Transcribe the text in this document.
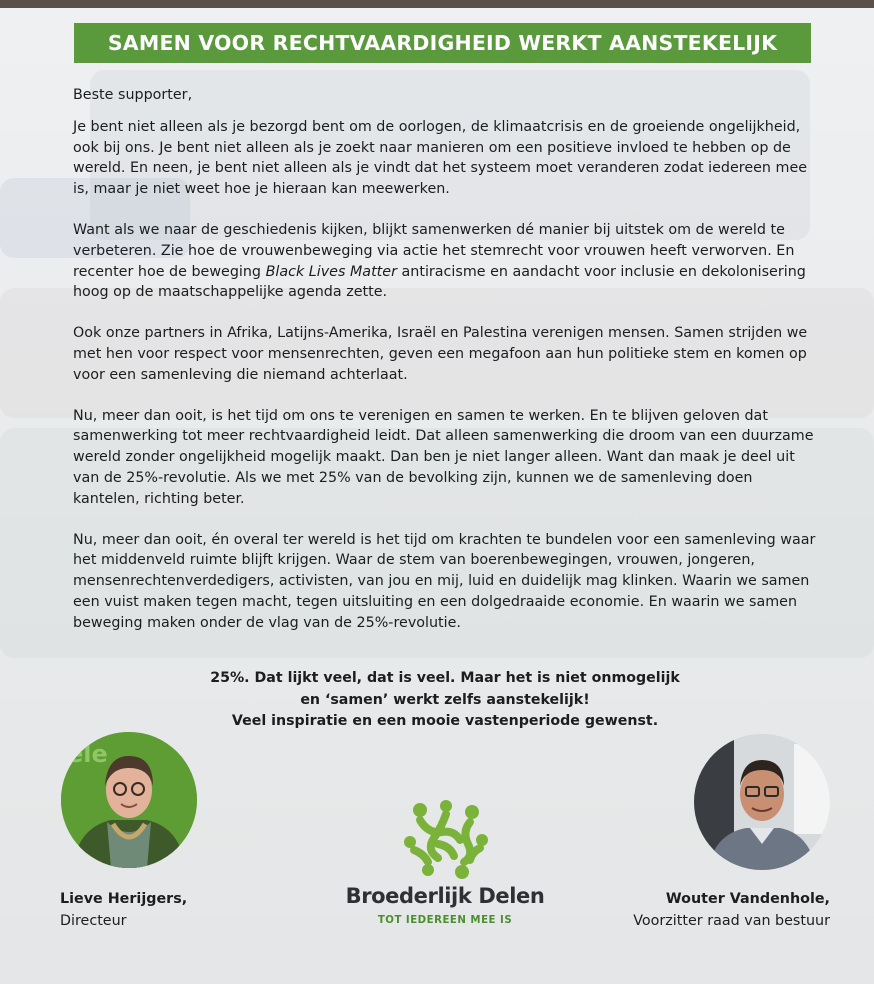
SAMEN VOOR RECHTVAARDIGHEID WERKT AANSTEKELIJK

Beste supporter,

Je bent niet alleen als je bezorgd bent om de oorlogen, de klimaatcrisis en de groeiende ongelijkheid, ook bij ons. Je bent niet alleen als je zoekt naar manieren om een positieve invloed te hebben op de wereld. En neen, je bent niet alleen als je vindt dat het systeem moet veranderen zodat iedereen mee is, maar je niet weet hoe je hieraan kan meewerken.

Want als we naar de geschiedenis kijken, blijkt samenwerken dé manier bij uitstek om de wereld te verbeteren. Zie hoe de vrouwenbeweging via actie het stemrecht voor vrouwen heeft verworven. En recenter hoe de beweging Black Lives Matter antiracisme en aandacht voor inclusie en dekolonisering hoog op de maatschappelijke agenda zette.

Ook onze partners in Afrika, Latijns-Amerika, Israël en Palestina verenigen mensen. Samen strijden we met hen voor respect voor mensenrechten, geven een megafoon aan hun politieke stem en komen op voor een samenleving die niemand achterlaat.

Nu, meer dan ooit, is het tijd om ons te verenigen en samen te werken. En te blijven geloven dat samenwerking tot meer rechtvaardigheid leidt. Dat alleen samenwerking die droom van een duurzame wereld zonder ongelijkheid mogelijk maakt. Dan ben je niet langer alleen. Want dan maak je deel uit van de 25%-revolutie. Als we met 25% van de bevolking zijn, kunnen we de samenleving doen kantelen, richting beter.

Nu, meer dan ooit, én overal ter wereld is het tijd om krachten te bundelen voor een samenleving waar het middenveld ruimte blijft krijgen. Waar de stem van boerenbewegingen, vrouwen, jongeren, mensenrechtenverdedigers, activisten, van jou en mij, luid en duidelijk mag klinken. Waarin we samen een vuist maken tegen macht, tegen uitsluiting en een dolgedraaide economie. En waarin we samen beweging maken onder de vlag van de 25%-revolutie.

25%. Dat lijkt veel, dat is veel. Maar het is niet onmogelijk
en ‘samen’ werkt zelfs aanstekelijk!
Veel inspiratie en een mooie vastenperiode gewenst.
ele
Lieve Herijgers,
Directeur
Wouter Vandenhole,
Voorzitter raad van bestuur
Broederlijk Delen
TOT IEDEREEN MEE IS
